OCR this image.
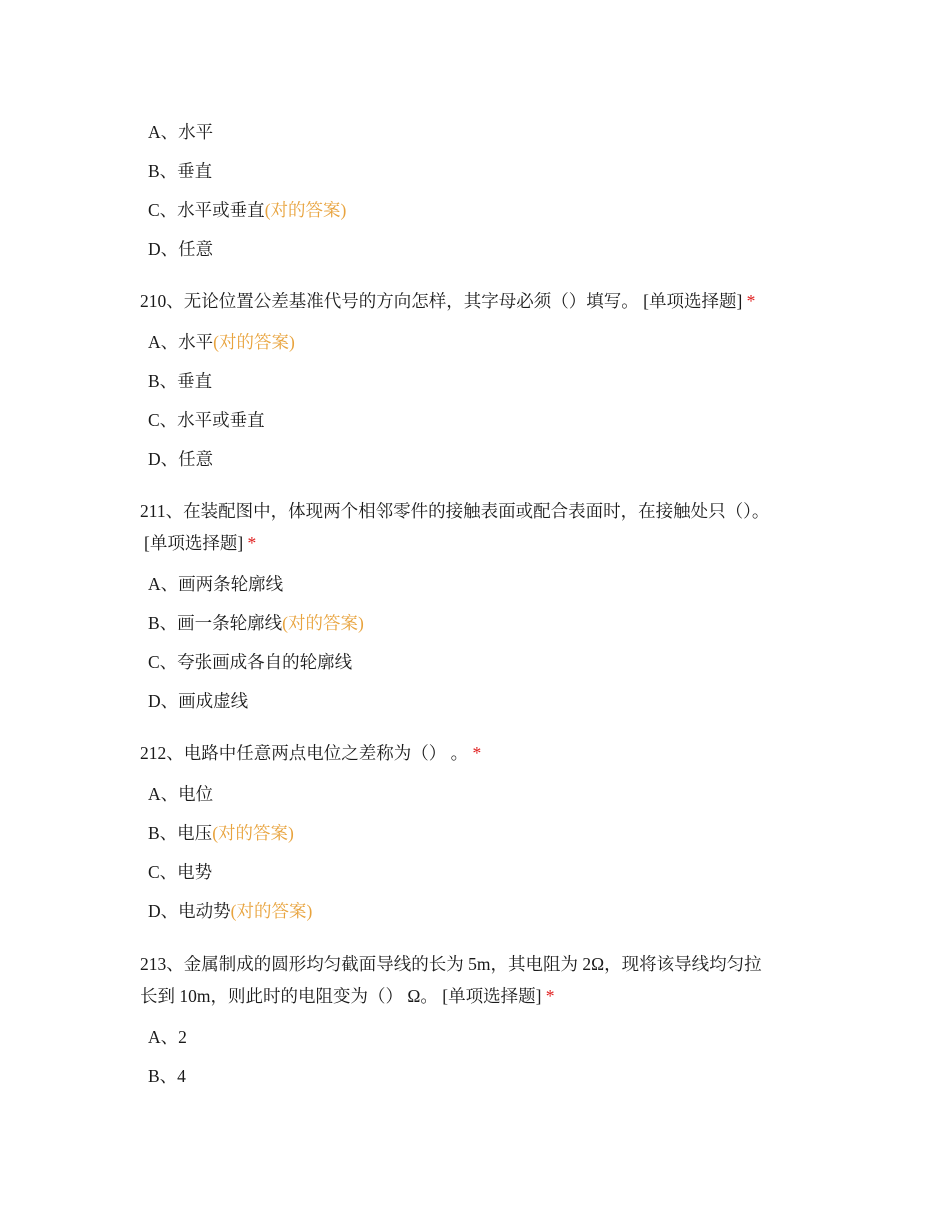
A、水平
B、垂直
C、水平或垂直(对的答案)
D、任意
210、无论位置公差基准代号的方向怎样，其字母必须（）填写。 [单项选择题] *
A、水平(对的答案)
B、垂直
C、水平或垂直
D、任意
211、在装配图中，体现两个相邻零件的接触表面或配合表面时，在接触处只（）。
[单项选择题] *
A、画两条轮廓线
B、画一条轮廓线(对的答案)
C、夸张画成各自的轮廓线
D、画成虚线
212、电路中任意两点电位之差称为（） 。 *
A、电位
B、电压(对的答案)
C、电势
D、电动势(对的答案)
213、金属制成的圆形均匀截面导线的长为 5m，其电阻为 2Ω，现将该导线均匀拉
长到 10m，则此时的电阻变为（） Ω。 [单项选择题] *
A、2
B、4
